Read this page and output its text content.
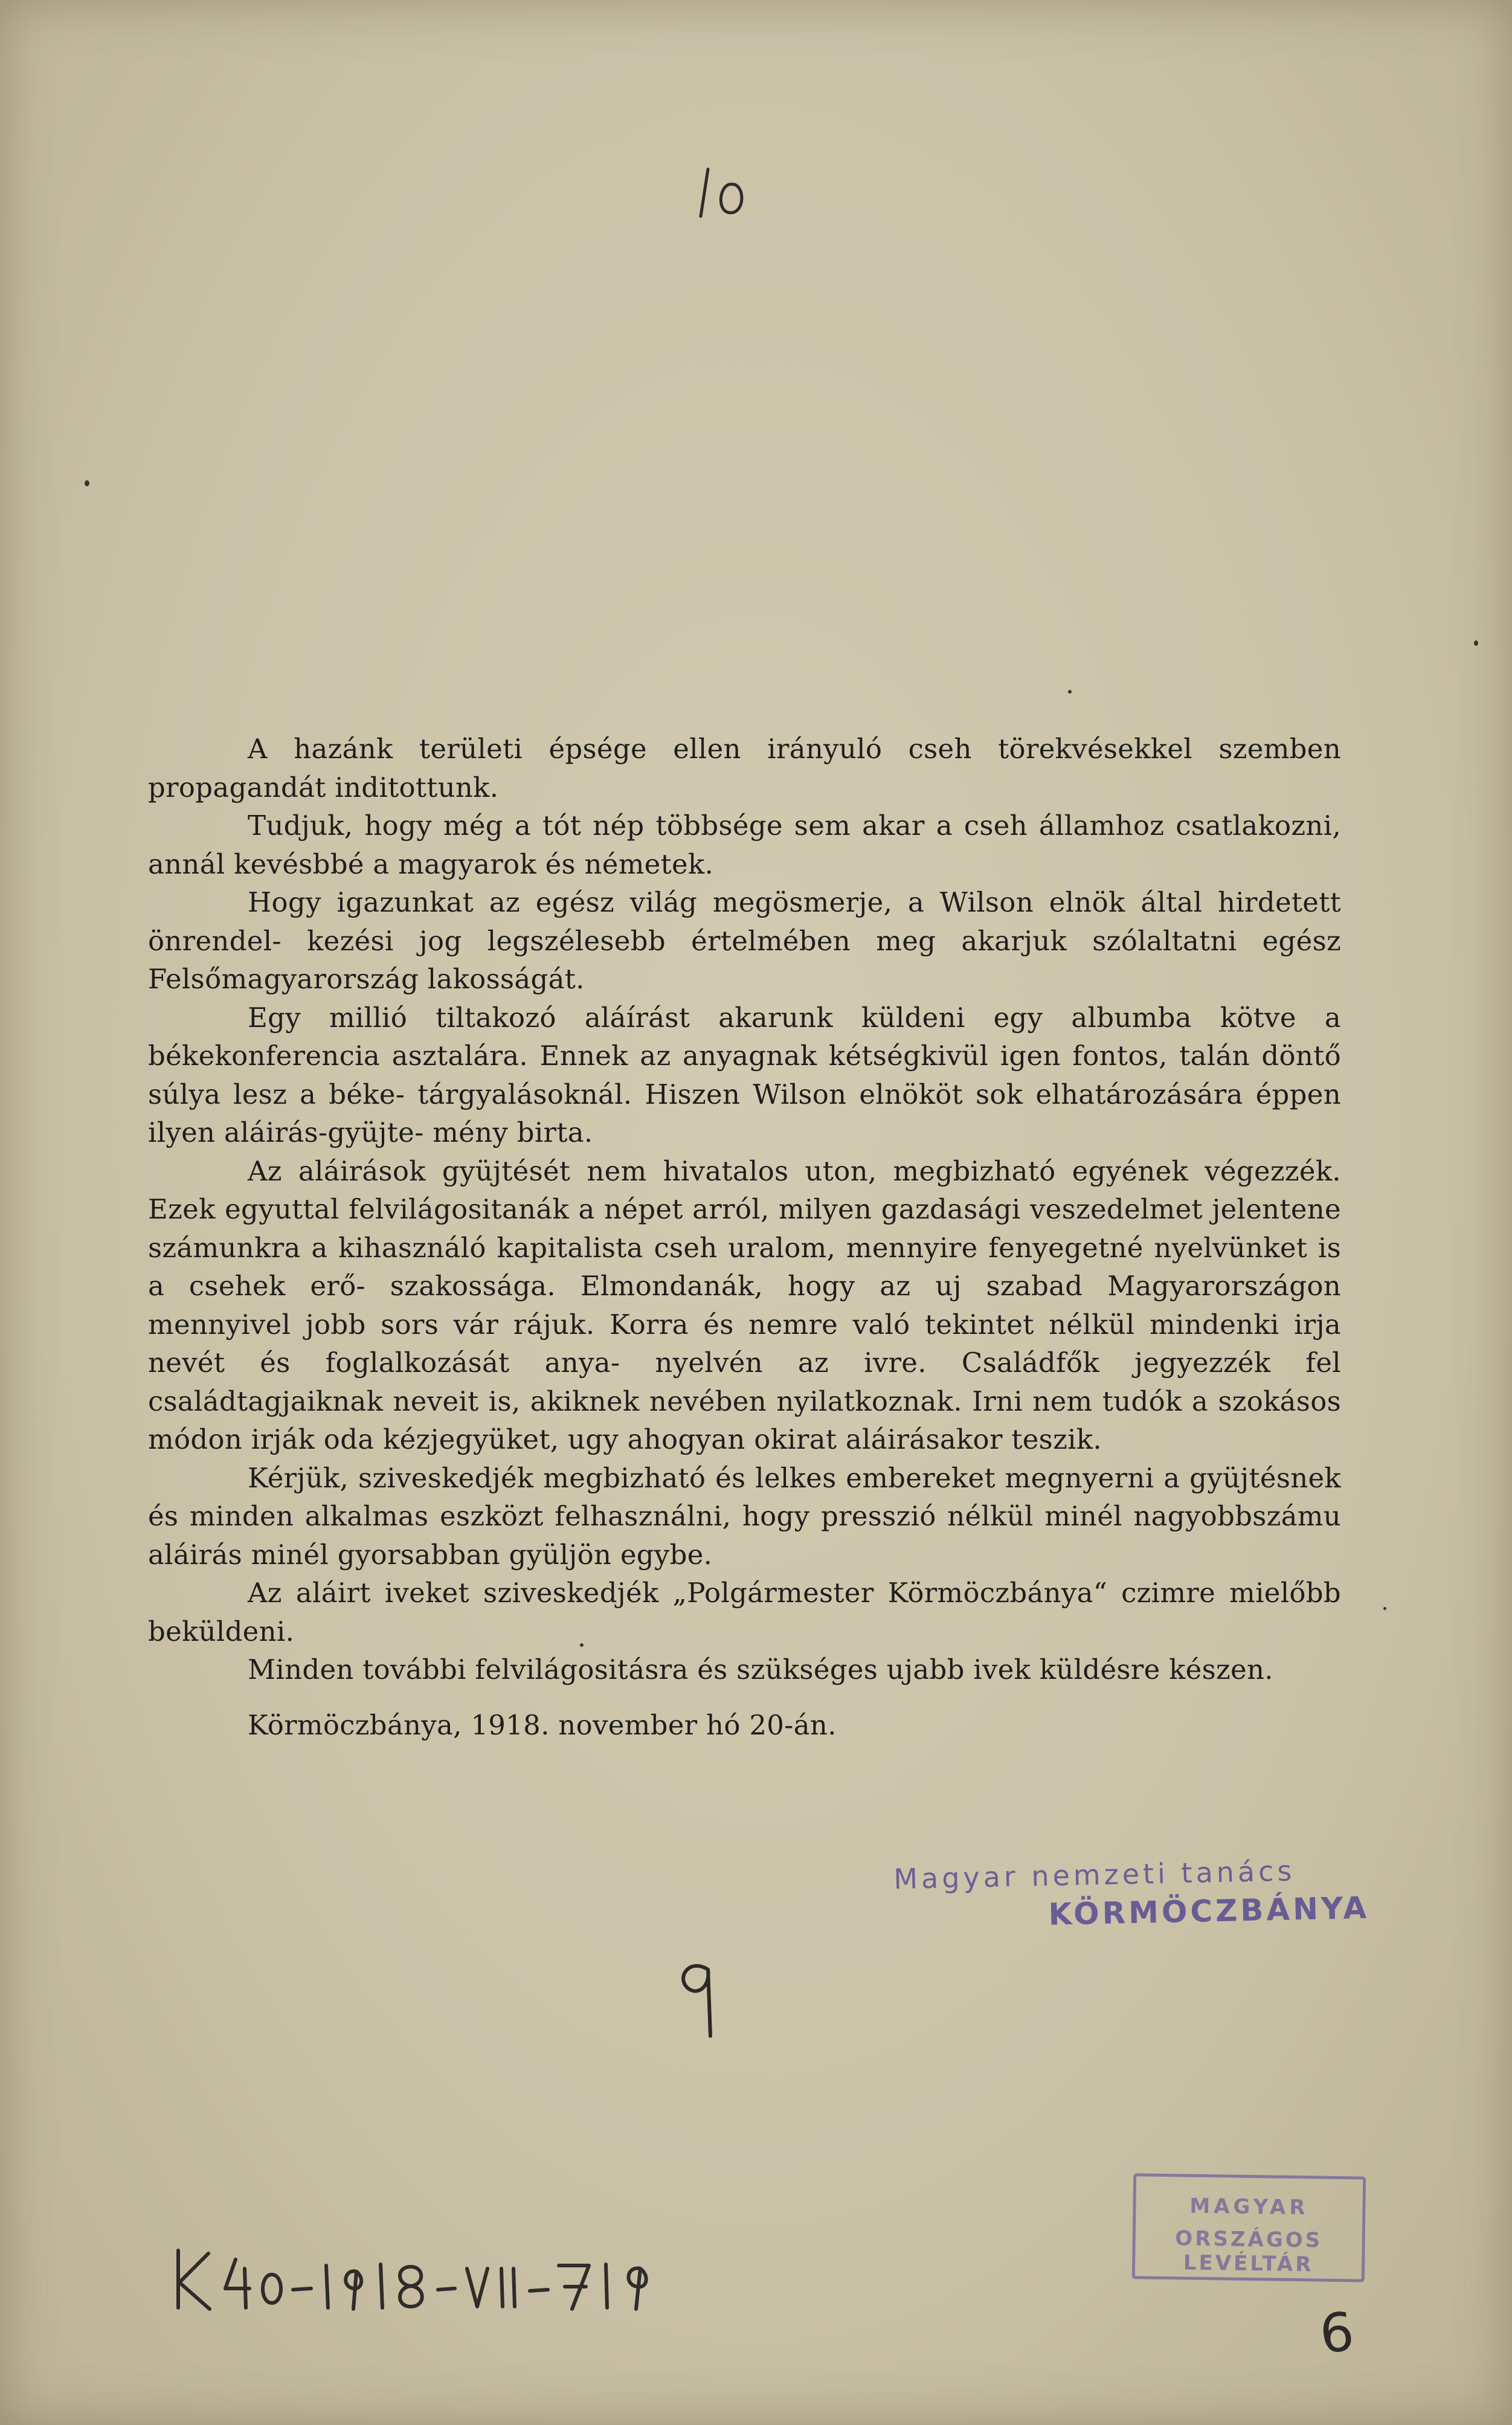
A hazánk területi épsége ellen irányuló cseh törekvésekkel szemben propagandát inditottunk.

Tudjuk, hogy még a tót nép többsége sem akar a cseh államhoz csatlakozni, annál kevésbbé a magyarok és németek.

Hogy igazunkat az egész világ megösmerje, a Wilson elnök által hirdetett önrendel- kezési jog legszélesebb értelmében meg akarjuk szólaltatni egész Felsőmagyarország lakosságát.

Egy millió tiltakozó aláírást akarunk küldeni egy albumba kötve a békekonferencia asztalára. Ennek az anyagnak kétségkivül igen fontos, talán döntő súlya lesz a béke- tárgyalásoknál. Hiszen Wilson elnököt sok elhatározására éppen ilyen aláirás-gyüjte- mény birta.

Az aláirások gyüjtését nem hivatalos uton, megbizható egyének végezzék. Ezek egyuttal felvilágositanák a népet arról, milyen gazdasági veszedelmet jelentene számunkra a kihasználó kapitalista cseh uralom, mennyire fenyegetné nyelvünket is a csehek erő- szakossága. Elmondanák, hogy az uj szabad Magyarországon mennyivel jobb sors vár rájuk. Korra és nemre való tekintet nélkül mindenki irja nevét és foglalkozását anya- nyelvén az ivre. Családfők jegyezzék fel családtagjaiknak neveit is, akiknek nevében nyilatkoznak. Irni nem tudók a szokásos módon irják oda kézjegyüket, ugy ahogyan okirat aláirásakor teszik.

Kérjük, sziveskedjék megbizható és lelkes embereket megnyerni a gyüjtésnek és minden alkalmas eszközt felhasználni, hogy presszió nélkül minél nagyobbszámu aláirás minél gyorsabban gyüljön egybe.

Az aláirt iveket sziveskedjék „Polgármester Körmöczbánya“ czimre mielőbb beküldeni.

Minden további felvilágositásra és szükséges ujabb ivek küldésre készen.

Körmöczbánya, 1918. november hó 20-án.

Magyar nemzeti tanács
KÖRMÖCZBÁNYA
MAGYAR
ORSZÁGOS LEVÉLTÁR
6
